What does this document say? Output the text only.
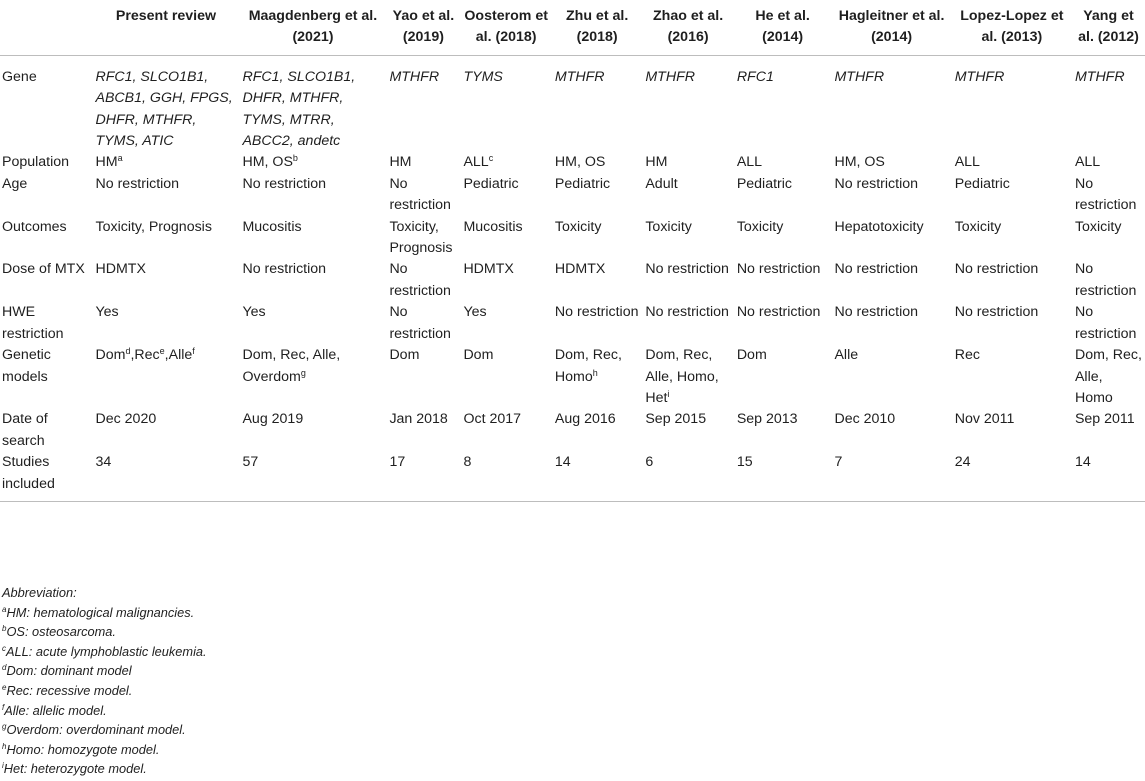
	Present review	Maagdenberg et al. (2021)	Yao et al. (2019)	Oosterom et al. (2018)	Zhu et al. (2018)	Zhao et al. (2016)	He et al. (2014)	Hagleitner et al. (2014)	Lopez-Lopez et al. (2013)	Yang et al. (2012)
Gene	RFC1, SLCO1B1, ABCB1, GGH, FPGS, DHFR, MTHFR, TYMS, ATIC	RFC1, SLCO1B1, DHFR, MTHFR, TYMS, MTRR, ABCC2, andetc	MTHFR	TYMS	MTHFR	MTHFR	RFC1	MTHFR	MTHFR	MTHFR
Population	$HM^a$	HM, $OS^b$	HM	ALL$^c$	HM, OS	HM	ALL	HM, OS	ALL	ALL
Age	No restriction	No restriction	No restriction	Pediatric	Pediatric	Adult	Pediatric	No restriction	Pediatric	No restriction
Outcomes	Toxicity, Prognosis	Mucositis	Toxicity, Prognosis	Mucositis	Toxicity	Toxicity	Toxicity	Hepatotoxicity	Toxicity	Toxicity
Dose of MTX	HDMTX	No restriction	No restriction	HDMTX	HDMTX	No restriction	No restriction	No restriction	No restriction	No restriction
HWE restriction	Yes	Yes	No restriction	Yes	No restriction	No restriction	No restriction	No restriction	No restriction	No restriction
Genetic models	Dom$^d$,Rec$^e$,Alle$^f$	Dom, Rec, Alle, Overdom$^g$	Dom	Dom	Dom, Rec, Homo$^h$	Dom, Rec, Alle, Homo, Het$^i$	Dom	Alle	Rec	Dom, Rec, Alle, Homo
Date of search	Dec 2020	Aug 2019	Jan 2018	Oct 2017	Aug 2016	Sep 2015	Sep 2013	Dec 2010	Nov 2011	Sep 2011
Studies included	34	57	17	8	14	6	15	7	24	14
Abbreviation:
$^a$HM: hematological malignancies.
$^b$OS: osteosarcoma.
$^c$ALL: acute lymphoblastic leukemia.
$^d$Dom: dominant model
$^e$Rec: recessive model.
$^f$Alle: allelic model.
$^g$Overdom: overdominant model.
$^h$Homo: homozygote model.
$^i$Het: heterozygote model.
